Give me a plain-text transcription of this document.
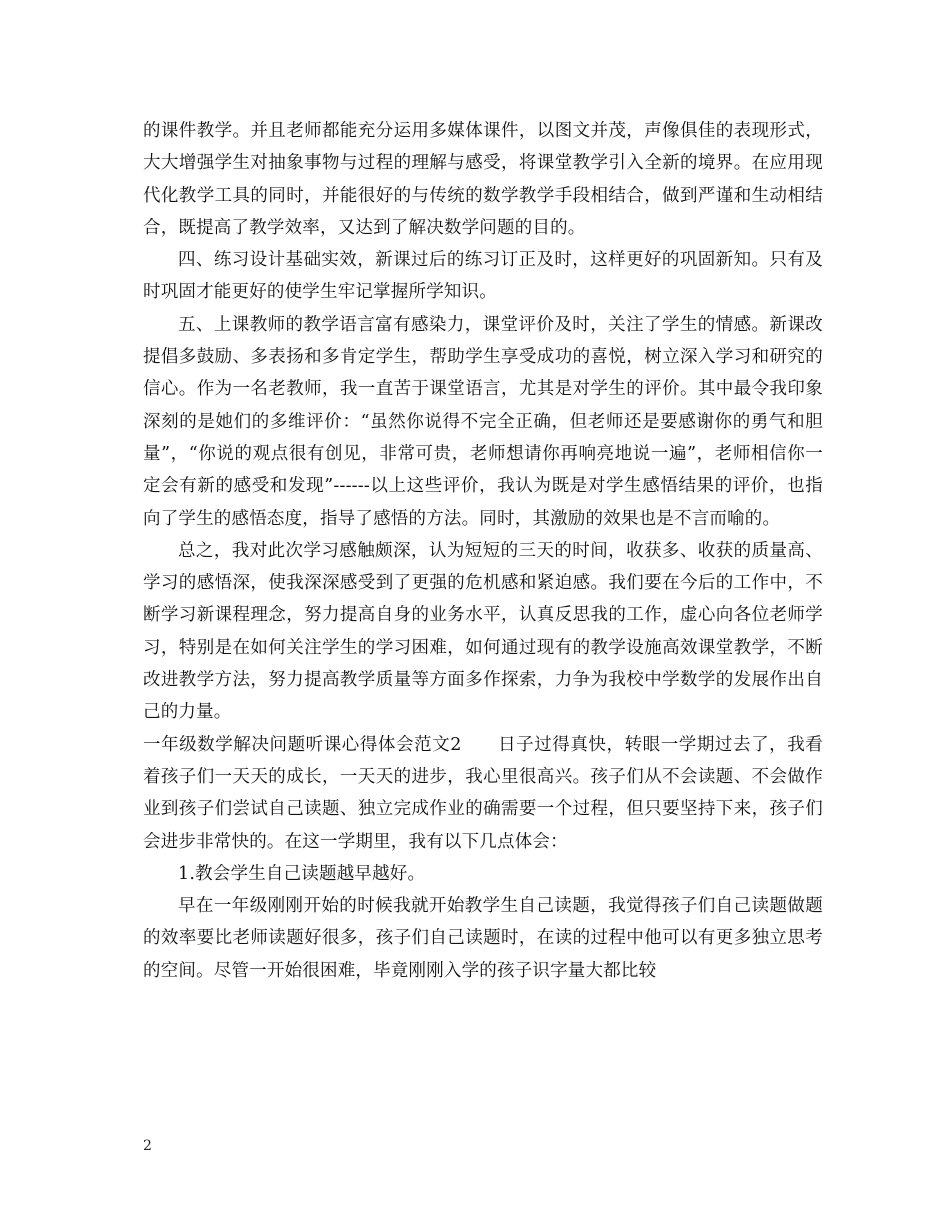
的课件教学。并且老师都能充分运用多媒体课件，以图文并茂，声像俱佳的表现形式，大大增强学生对抽象事物与过程的理解与感受，将课堂教学引入全新的境界。在应用现代化教学工具的同时，并能很好的与传统的数学教学手段相结合，做到严谨和生动相结合，既提高了教学效率，又达到了解决数学问题的目的。

四、练习设计基础实效，新课过后的练习订正及时，这样更好的巩固新知。只有及时巩固才能更好的使学生牢记掌握所学知识。

五、上课教师的教学语言富有感染力，课堂评价及时，关注了学生的情感。新课改提倡多鼓励、多表扬和多肯定学生，帮助学生享受成功的喜悦，树立深入学习和研究的信心。作为一名老教师，我一直苦于课堂语言，尤其是对学生的评价。其中最令我印象深刻的是她们的多维评价：“虽然你说得不完全正确，但老师还是要感谢你的勇气和胆量”，“你说的观点很有创见，非常可贵，老师想请你再响亮地说一遍”，老师相信你一定会有新的感受和发现”------以上这些评价，我认为既是对学生感悟结果的评价，也指向了学生的感悟态度，指导了感悟的方法。同时，其激励的效果也是不言而喻的。

总之，我对此次学习感触颇深，认为短短的三天的时间，收获多、收获的质量高、学习的感悟深，使我深深感受到了更强的危机感和紧迫感。我们要在今后的工作中，不断学习新课程理念，努力提高自身的业务水平，认真反思我的工作，虚心向各位老师学习，特别是在如何关注学生的学习困难，如何通过现有的教学设施高效课堂教学，不断改进教学方法，努力提高教学质量等方面多作探索，力争为我校中学数学的发展作出自己的力量。

一年级数学解决问题听课心得体会范文2　　日子过得真快，转眼一学期过去了，我看着孩子们一天天的成长，一天天的进步，我心里很高兴。孩子们从不会读题、不会做作业到孩子们尝试自己读题、独立完成作业的确需要一个过程，但只要坚持下来，孩子们会进步非常快的。在这一学期里，我有以下几点体会：

1.教会学生自己读题越早越好。

早在一年级刚刚开始的时候我就开始教学生自己读题，我觉得孩子们自己读题做题的效率要比老师读题好很多，孩子们自己读题时，在读的过程中他可以有更多独立思考的空间。尽管一开始很困难，毕竟刚刚入学的孩子识字量大都比较

2
